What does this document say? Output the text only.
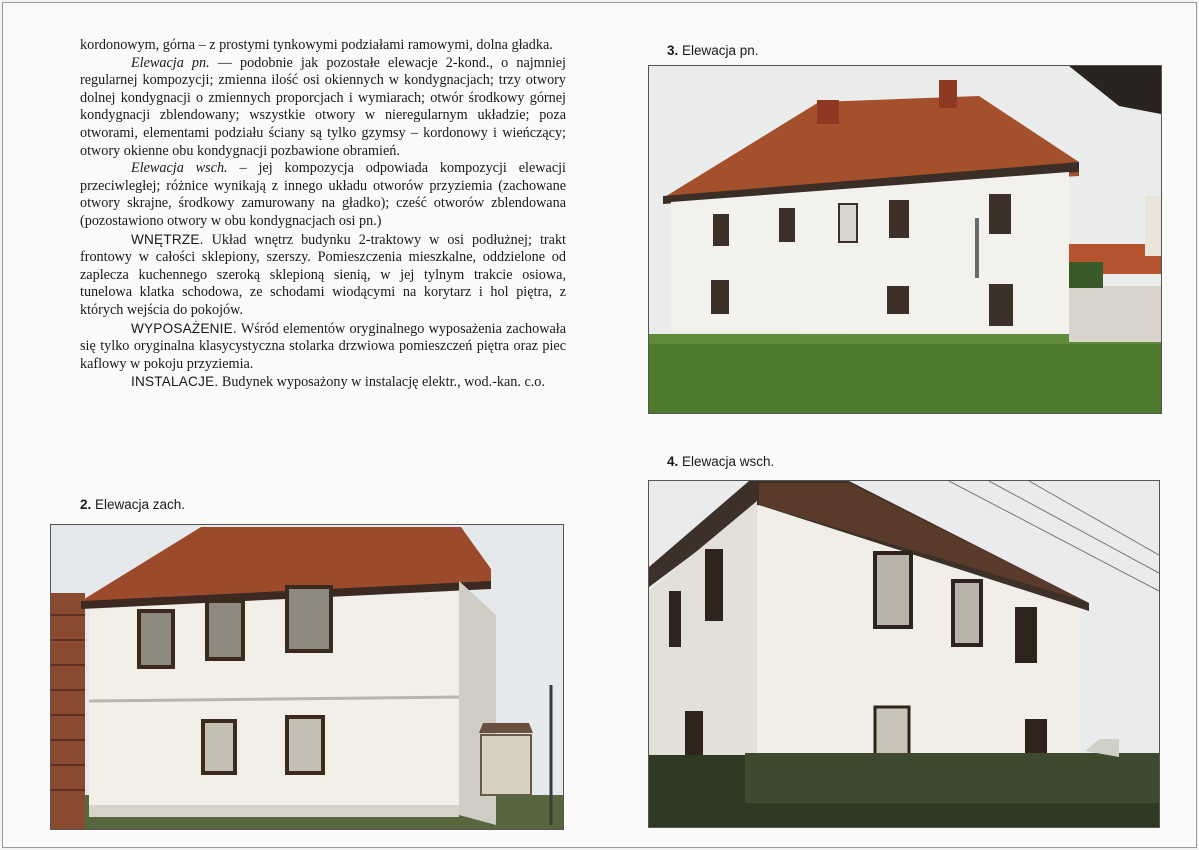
kordonowym, górna – z prostymi tynkowymi podziałami ramowymi, dolna gładka.

Elewacja pn. — podobnie jak pozostałe elewacje 2-kond., o najmniej regularnej kompozycji; zmienna ilość osi okiennych w kondygnacjach; trzy otwory dolnej kondygnacji o zmiennych proporcjach i wymiarach; otwór środkowy górnej kondygnacji zblendowany; wszystkie otwory w nieregularnym układzie; poza otworami, elementami podziału ściany są tylko gzymsy – kordonowy i wieńczący; otwory okienne obu kondygnacji pozbawione obramień.

Elewacja wsch. – jej kompozycja odpowiada kompozycji elewacji przeciwległej; różnice wynikają z innego układu otworów przyziemia (zachowane otwory skrajne, środkowy zamurowany na gładko); cześć otworów zblendowana (pozostawiono otwory w obu kondygnacjach osi pn.)

WNĘTRZE. Układ wnętrz budynku 2-traktowy w osi podłużnej; trakt frontowy w całości sklepiony, szerszy. Pomieszczenia mieszkalne, oddzielone od zaplecza kuchennego szeroką sklepioną sienią, w jej tylnym trakcie osiowa, tunelowa klatka schodowa, ze schodami wiodącymi na korytarz i hol piętra, z których wejścia do pokojów.

WYPOSAŻENIE. Wśród elementów oryginalnego wyposażenia zachowała się tylko oryginalna klasycystyczna stolarka drzwiowa pomieszczeń piętra oraz piec kaflowy w pokoju przyziemia.

INSTALACJE. Budynek wyposażony w instalację elektr., wod.-kan. c.o.

2. Elewacja zach.
3. Elewacja pn.
4. Elewacja wsch.
